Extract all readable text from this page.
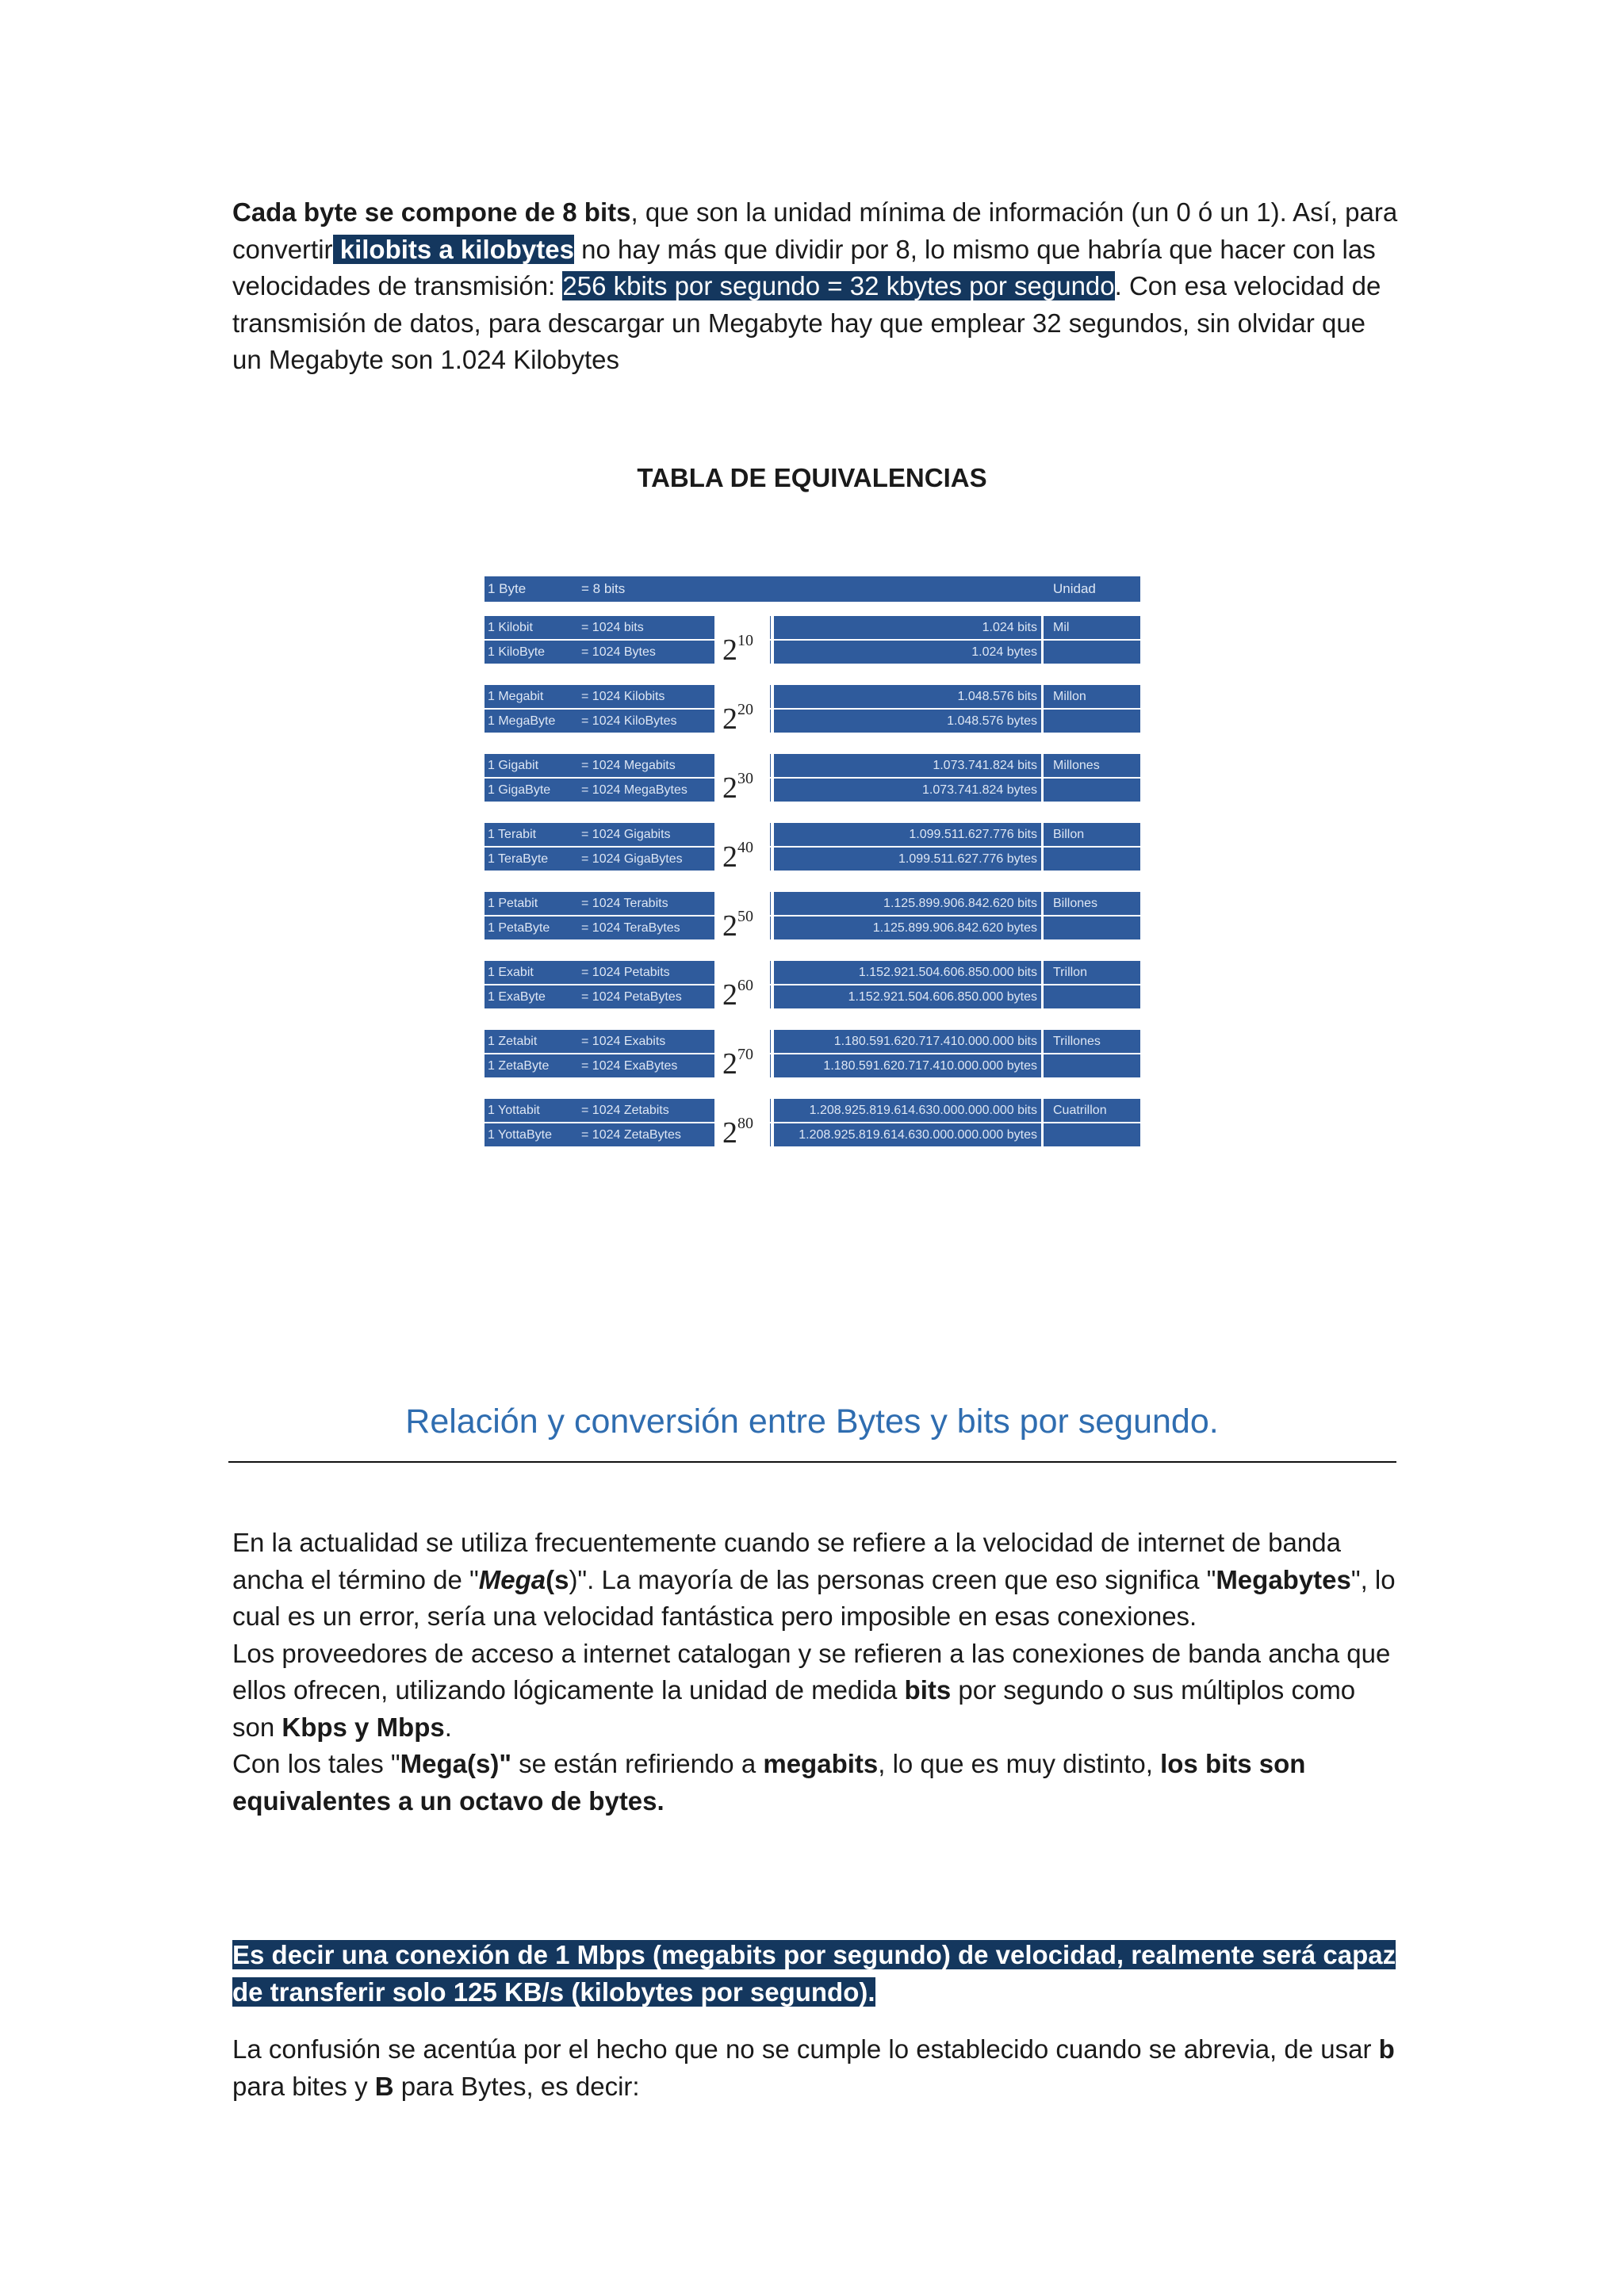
Cada byte se compone de 8 bits, que son la unidad mínima de información (un 0 ó un 1). Así, para convertir kilobits a kilobytes no hay más que dividir por 8, lo mismo que habría que hacer con las velocidades de transmisión: 256 kbits por segundo = 32 kbytes por segundo. Con esa velocidad de transmisión de datos, para descargar un Megabyte hay que emplear 32 segundos, sin olvidar que un Megabyte son 1.024 Kilobytes

TABLA DE EQUIVALENCIAS
1 Byte	= 8 bits	Unidad
1 Kilobit	= 1024 bits	1.024 bits Mil
1 KiloByte	= 1024 Bytes	1.024 bytes
$2^{10}$
1 Megabit	= 1024 Kilobits	1.048.576 bits Millon
1 MegaByte = 1024 KiloBytes	1.048.576 bytes
$2^{20}$
1 Gigabit	= 1024 Megabits	1.073.741.824 bits Millones
1 GigaByte = 1024 MegaBytes	1.073.741.824 bytes
$2^{30}$
1 Terabit	= 1024 Gigabits	1.099.511.627.776 bits Billon
1 TeraByte	= 1024 GigaBytes	1.099.511.627.776 bytes
$2^{40}$
1 Petabit	= 1024 Terabits	1.125.899.906.842.620 bits Billones
1 PetaByte = 1024 TeraBytes	1.125.899.906.842.620 bytes
$2^{50}$
1 Exabit	= 1024 Petabits	1.152.921.504.606.850.000 bits Trillon
1 ExaByte	= 1024 PetaBytes	1.152.921.504.606.850.000 bytes
$2^{60}$
1 Zetabit	= 1024 Exabits	1.180.591.620.717.410.000.000 bits Trillones
1 ZetaByte	= 1024 ExaBytes	1.180.591.620.717.410.000.000 bytes
$2^{70}$
1 Yottabit	= 1024 Zetabits	1.208.925.819.614.630.000.000.000 bits Cuatrillon
1 YottaByte = 1024 ZetaBytes	1.208.925.819.614.630.000.000.000 bytes
$2^{80}$
Relación y conversión entre Bytes y bits por segundo.

En la actualidad se utiliza frecuentemente cuando se refiere a la velocidad de internet de banda ancha el término de "Mega(s)". La mayoría de las personas creen que eso significa "Megabytes", lo cual es un error, sería una velocidad fantástica pero imposible en esas conexiones.
Los proveedores de acceso a internet catalogan y se refieren a las conexiones de banda ancha que ellos ofrecen, utilizando lógicamente la unidad de medida bits por segundo o sus múltiplos como son Kbps y Mbps.
Con los tales "Mega(s)" se están refiriendo a megabits, lo que es muy distinto, los bits son equivalentes a un octavo de bytes.

Es decir una conexión de 1 Mbps (megabits por segundo) de velocidad, realmente será capaz de transferir solo 125 KB/s (kilobytes por segundo).

La confusión se acentúa por el hecho que no se cumple lo establecido cuando se abrevia, de usar b para bites y B para Bytes, es decir:
